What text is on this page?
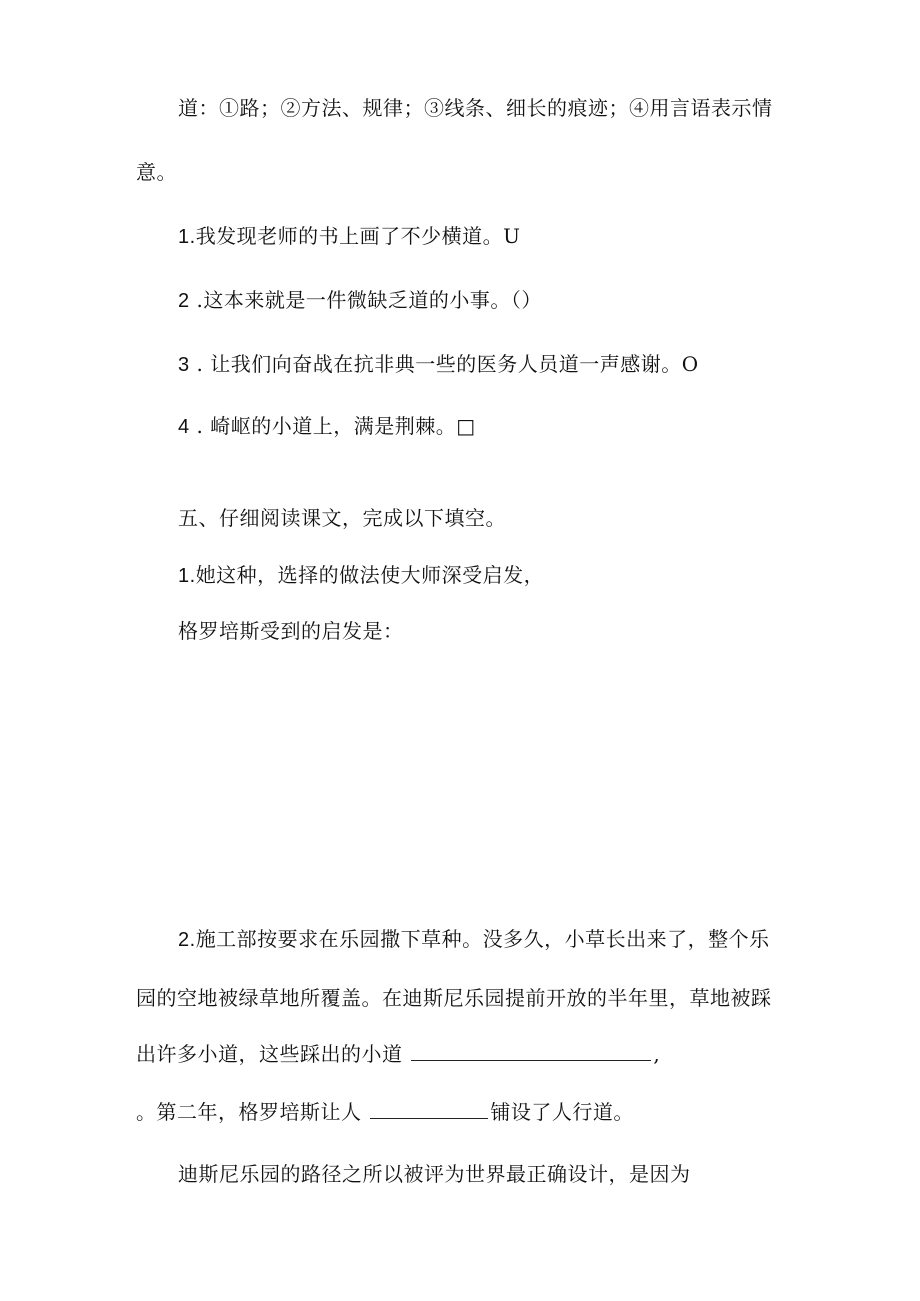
道：①路；②方法、规律；③线条、细长的痕迹；④用言语表示情
意。
1.我发现老师的书上画了不少横道。U
2 .这本来就是一件微缺乏道的小事。（）
3 . 让我们向奋战在抗非典一些的医务人员道一声感谢。O
4 . 崎岖的小道上，满是荆棘。□
五、仔细阅读课文，完成以下填空。
1.她这种，选择的做法使大师深受启发，
格罗培斯受到的启发是：
2.施工部按要求在乐园撒下草种。没多久，小草长出来了，整个乐
园的空地被绿草地所覆盖。在迪斯尼乐园提前开放的半年里，草地被踩
出许多小道，这些踩出的小道	,
。第二年，格罗培斯让人	铺设了人行道。
迪斯尼乐园的路径之所以被评为世界最正确设计，是因为
